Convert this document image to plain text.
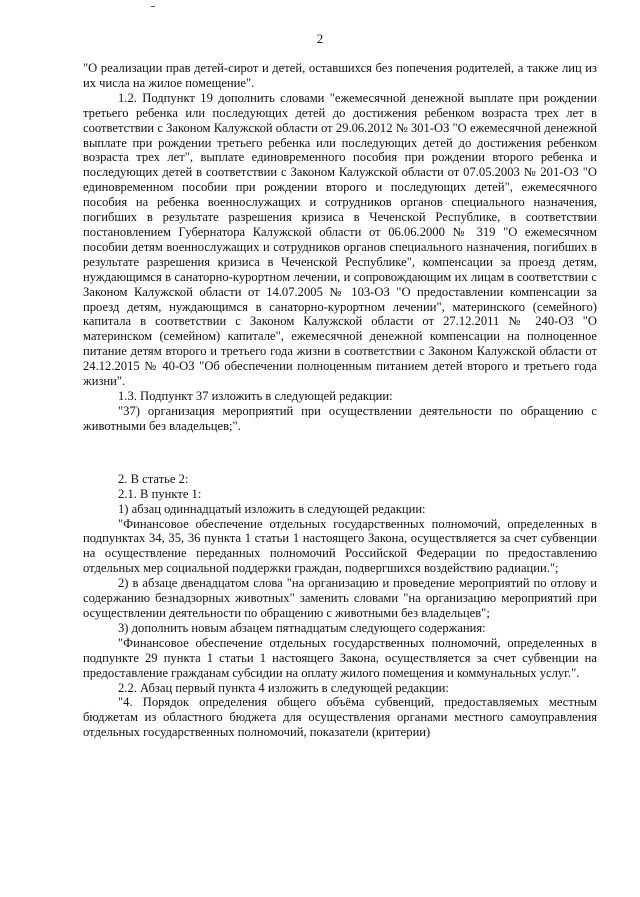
2

"О реализации прав детей-сирот и детей, оставшихся без попечения родителей, а также лиц из их числа на жилое помещение".

1.2. Подпункт 19 дополнить словами "ежемесячной денежной выплате при рождении третьего ребенка или последующих детей до достижения ребенком возраста трех лет в соответствии с Законом Калужской области от 29.06.2012 № 301-ОЗ "О ежемесячной денежной выплате при рождении третьего ребенка или последующих детей до достижения ребенком возраста трех лет", выплате единовременного пособия при рождении второго ребенка и последующих детей в соответствии с Законом Калужской области от 07.05.2003 № 201-ОЗ "О единовременном пособии при рождении второго и последующих детей", ежемесячного пособия на ребенка военнослужащих и сотрудников органов специального назначения, погибших в результате разрешения кризиса в Чеченской Республике, в соответствии постановлением Губернатора Калужской области от 06.06.2000 № 319 "О ежемесячном пособии детям военнослужащих и сотрудников органов специального назначения, погибших в результате разрешения кризиса в Чеченской Республике", компенсации за проезд детям, нуждающимся в санаторно-курортном лечении, и сопровождающим их лицам в соответствии с Законом Калужской области от 14.07.2005 № 103-ОЗ "О предоставлении компенсации за проезд детям, нуждающимся в санаторно-курортном лечении", материнского (семейного) капитала в соответствии с Законом Калужской области от 27.12.2011 № 240-ОЗ "О материнском (семейном) капитале", ежемесячной денежной компенсации на полноценное питание детям второго и третьего года жизни в соответствии с Законом Калужской области от 24.12.2015 № 40-ОЗ "Об обеспечении полноценным питанием детей второго и третьего года жизни".

1.3. Подпункт 37 изложить в следующей редакции:

"37) организация мероприятий при осуществлении деятельности по обращению с животными без владельцев;".

2. В статье 2:

2.1. В пункте 1:

1) абзац одиннадцатый изложить в следующей редакции:

"Финансовое обеспечение отдельных государственных полномочий, определенных в подпунктах 34, 35, 36 пункта 1 статьи 1 настоящего Закона, осуществляется за счет субвенции на осуществление переданных полномочий Российской Федерации по предоставлению отдельных мер социальной поддержки граждан, подвергшихся воздействию радиации.";

2) в абзаце двенадцатом слова "на организацию и проведение мероприятий по отлову и содержанию безнадзорных животных" заменить словами "на организацию мероприятий при осуществлении деятельности по обращению с животными без владельцев";

3) дополнить новым абзацем пятнадцатым следующего содержания:

"Финансовое обеспечение отдельных государственных полномочий, определенных в подпункте 29 пункта 1 статьи 1 настоящего Закона, осуществляется за счет субвенции на предоставление гражданам субсидии на оплату жилого помещения и коммунальных услуг.".

2.2. Абзац первый пункта 4 изложить в следующей редакции:

"4. Порядок определения общего объёма субвенций, предоставляемых местным бюджетам из областного бюджета для осуществления органами местного самоуправления отдельных государственных полномочий, показатели (критерии)
